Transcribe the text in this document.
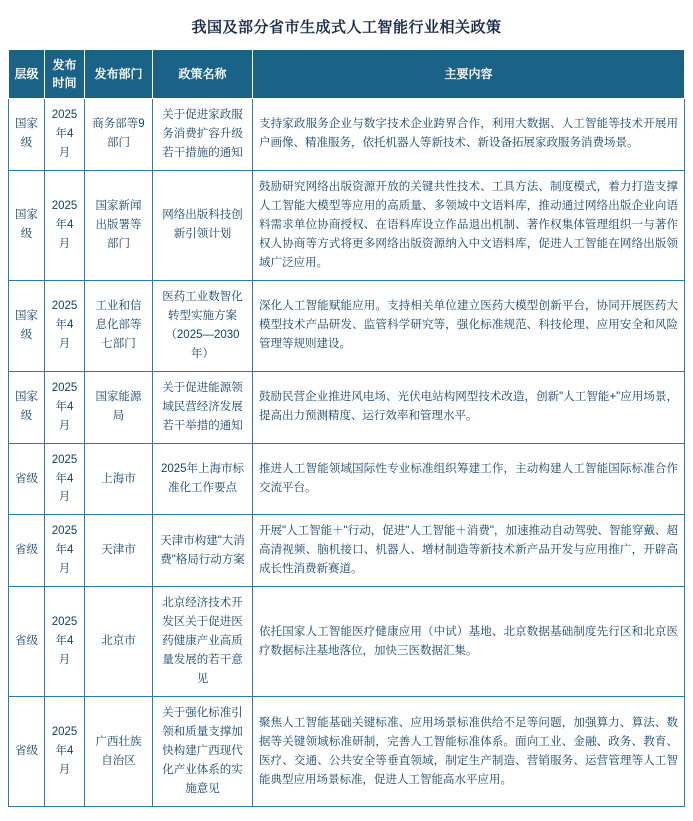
我国及部分省市生成式人工智能行业相关政策
层级	发布时间	发布部门	政策名称	主要内容
国家级	2025年4月	商务部等9部门	关于促进家政服务消费扩容升级若干措施的通知	支持家政服务企业与数字技术企业跨界合作，利用大数据、人工智能等技术开展用户画像、精准服务，依托机器人等新技术、新设备拓展家政服务消费场景。
国家级	2025年4月	国家新闻出版署等部门	网络出版科技创新引领计划	鼓励研究网络出版资源开放的关键共性技术、工具方法、制度模式，着力打造支撑人工智能大模型等应用的高质量、多领域中文语料库，推动通过网络出版企业向语料需求单位协商授权、在语料库设立作品退出机制、著作权集体管理组织一与著作权人协商等方式将更多网络出版资源纳入中文语料库，促进人工智能在网络出版领域广泛应用。
国家级	2025年4月	工业和信息化部等七部门	医药工业数智化转型实施方案（2025—2030年）	深化人工智能赋能应用。支持相关单位建立医药大模型创新平台，协同开展医药大模型技术产品研发、监管科学研究等，强化标准规范、科技伦理、应用安全和风险管理等规则建设。
国家级	2025年4月	国家能源局	关于促进能源领域民营经济发展若干举措的通知	鼓励民营企业推进风电场、光伏电站构网型技术改造，创新"人工智能+"应用场景，提高出力预测精度、运行效率和管理水平。
省级	2025年4月	上海市	2025年上海市标准化工作要点	推进人工智能领域国际性专业标准组织筹建工作，主动构建人工智能国际标准合作交流平台。
省级	2025年4月	天津市	天津市构建"大消费"格局行动方案	开展"人工智能＋"行动，促进"人工智能＋消费"，加速推动自动驾驶、智能穿戴、超高清视频、脑机接口、机器人、增材制造等新技术新产品开发与应用推广，开辟高成长性消费新赛道。
省级	2025年4月	北京市	北京经济技术开发区关于促进医药健康产业高质量发展的若干意见	依托国家人工智能医疗健康应用（中试）基地、北京数据基础制度先行区和北京医疗数据标注基地落位，加快三医数据汇集。
省级	2025年4月	广西壮族自治区	关于强化标准引领和质量支撑加快构建广西现代化产业体系的实施意见	聚焦人工智能基础关键标准、应用场景标准供给不足等问题，加强算力、算法、数据等关键领域标准研制，完善人工智能标准体系。面向工业、金融、政务、教育、医疗、交通、公共安全等垂直领域，制定生产制造、营销服务、运营管理等人工智能典型应用场景标准，促进人工智能高水平应用。
